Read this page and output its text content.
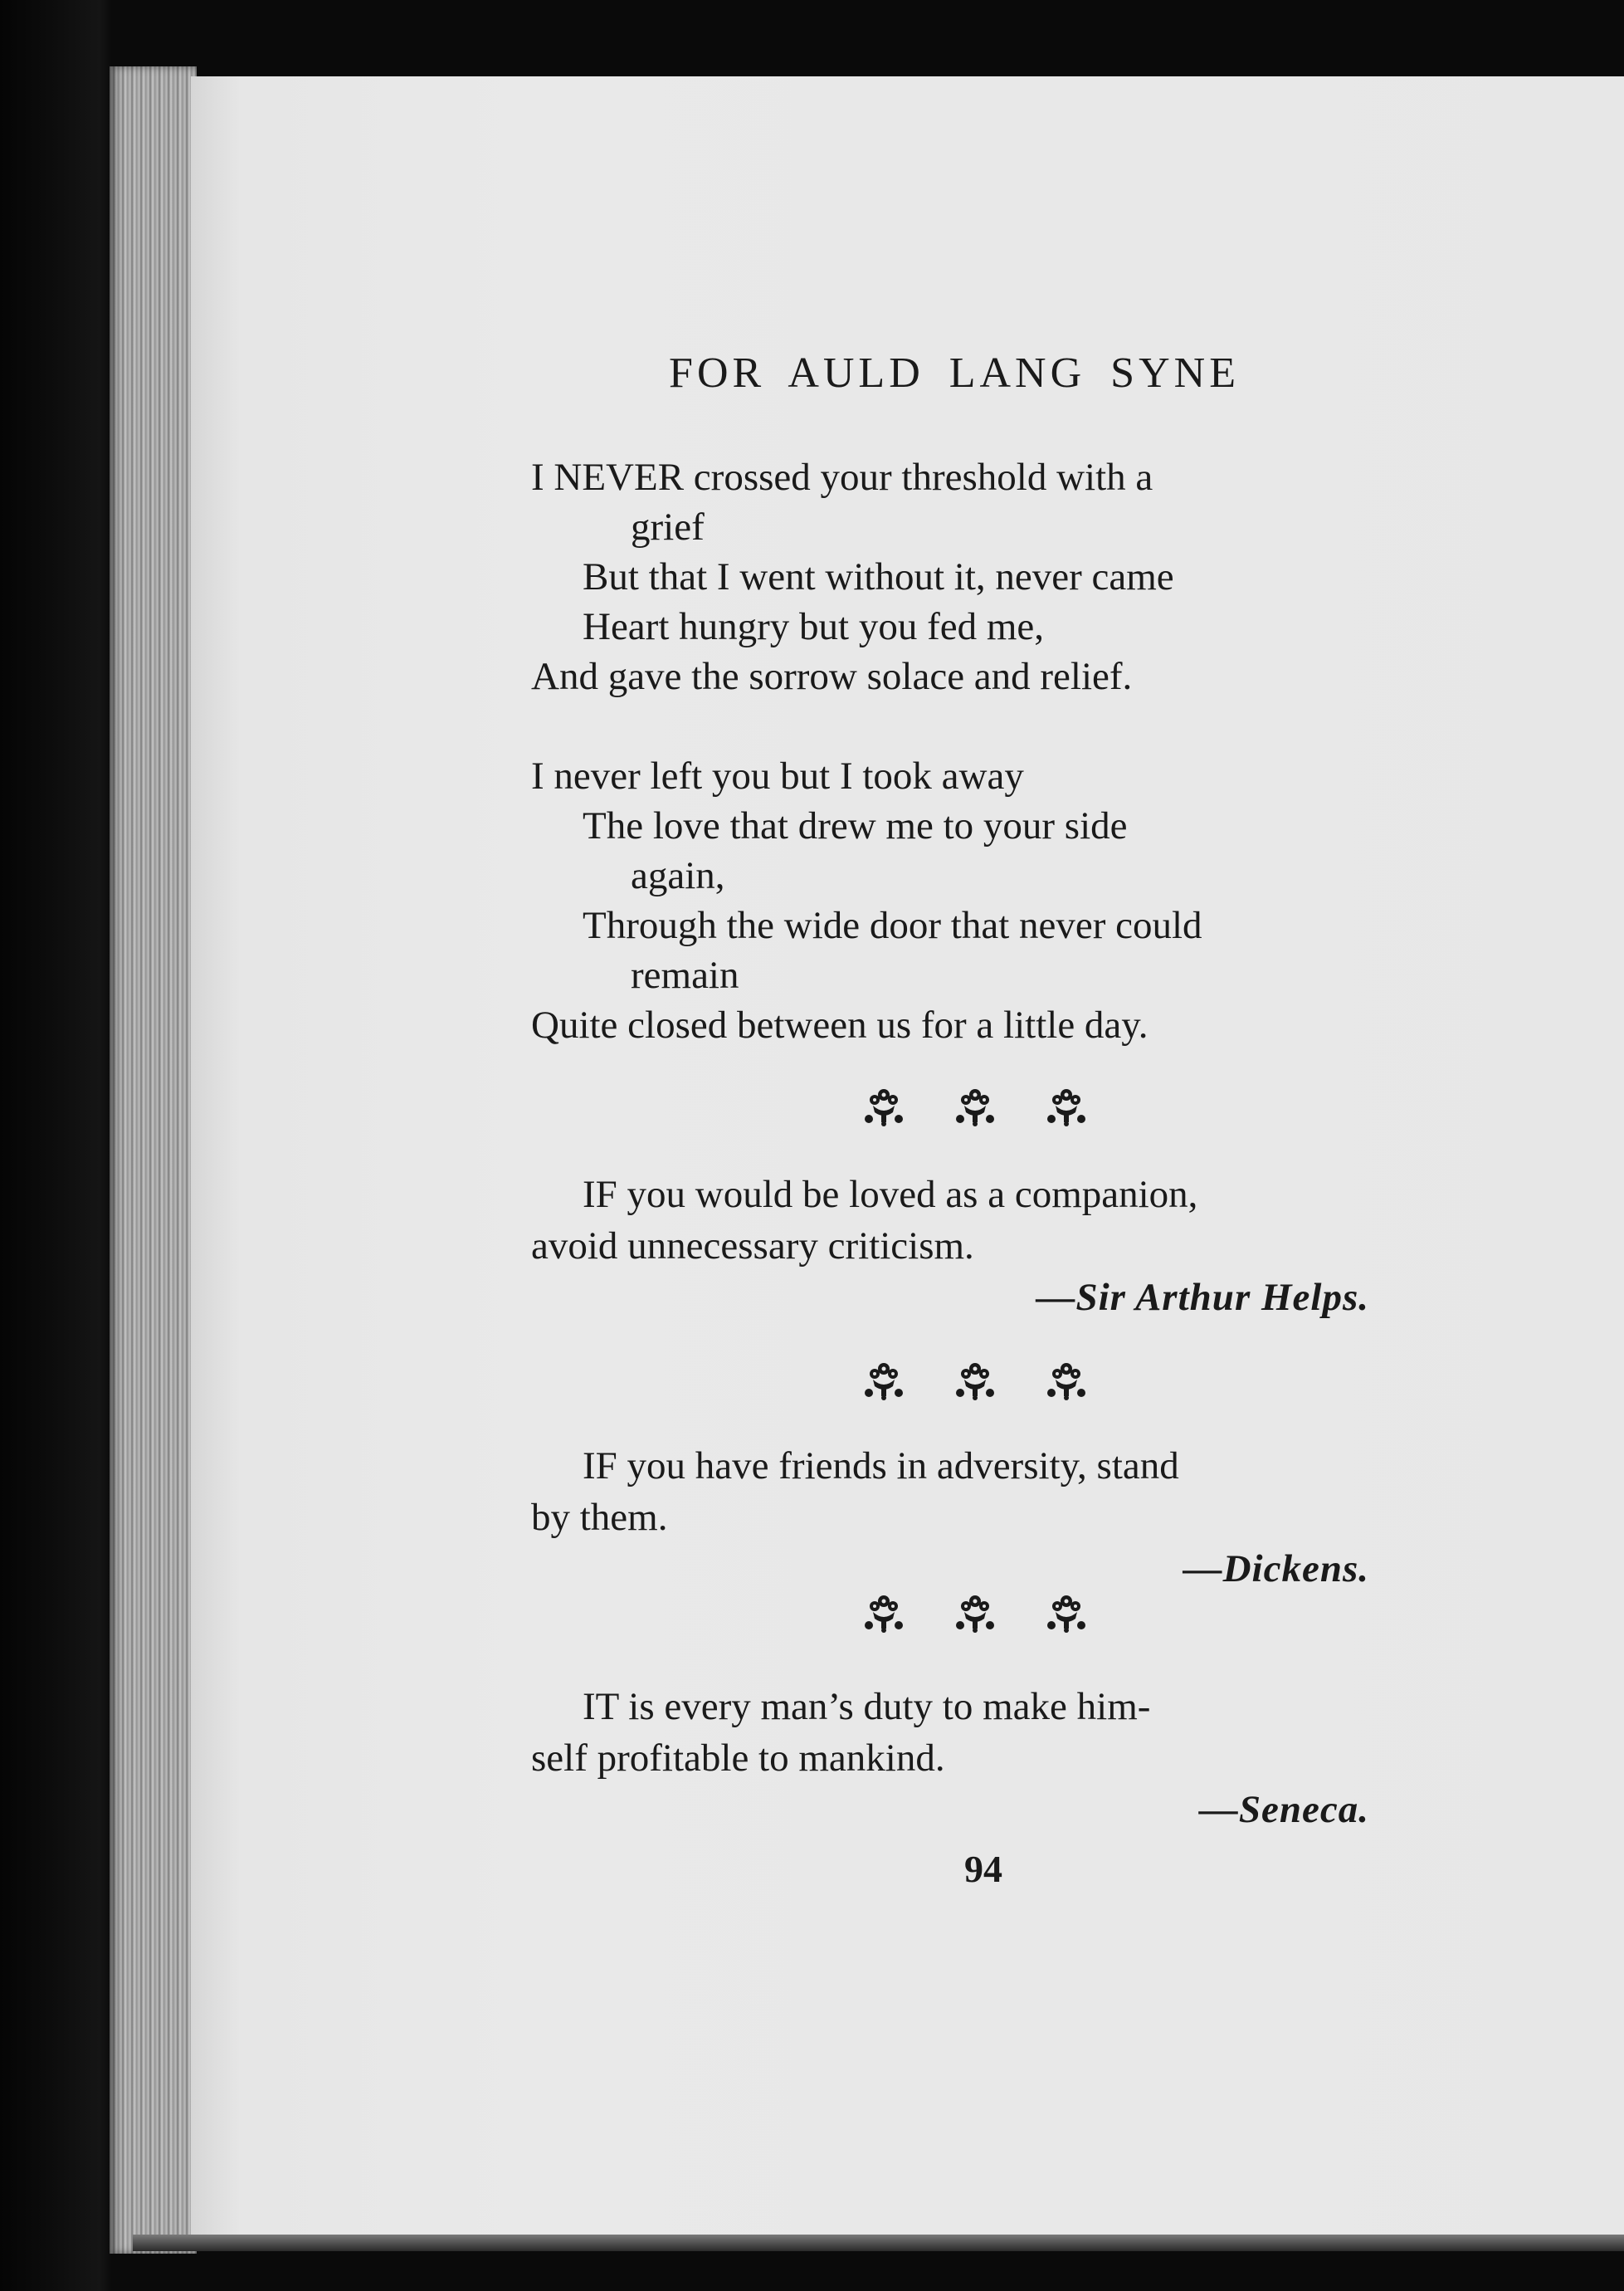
FOR AULD LANG SYNE
I NEVER crossed your threshold with a
grief
But that I went without it, never came
Heart hungry but you fed me,
And gave the sorrow solace and relief.
I never left you but I took away
The love that drew me to your side
again,
Through the wide door that never could
remain
Quite closed between us for a little day.

IF you would be loved as a companion,

avoid unnecessary criticism.

—Sir Arthur Helps.

IF you have friends in adversity, stand

by them.

—Dickens.

IT is every man’s duty to make him-

self profitable to mankind.

—Seneca.
94
